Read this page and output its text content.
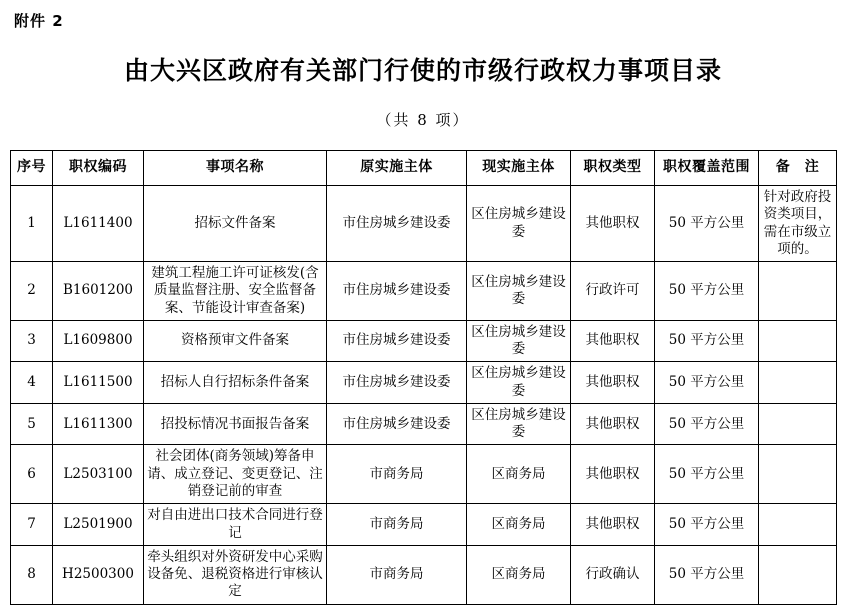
附件 2
由大兴区政府有关部门行使的市级行政权力事项目录
（共 8 项）
序号	职权编码	事项名称	原实施主体	现实施主体	职权类型	职权覆盖范围	备　注
1	L1611400	招标文件备案	市住房城乡建设委	区住房城乡建设委	其他职权	50 平方公里	针对政府投资类项目，需在市级立项的。
2	B1601200	建筑工程施工许可证核发(含质量监督注册、安全监督备案、节能设计审查备案)	市住房城乡建设委	区住房城乡建设委	行政许可	50 平方公里	
3	L1609800	资格预审文件备案	市住房城乡建设委	区住房城乡建设委	其他职权	50 平方公里	
4	L1611500	招标人自行招标条件备案	市住房城乡建设委	区住房城乡建设委	其他职权	50 平方公里	
5	L1611300	招投标情况书面报告备案	市住房城乡建设委	区住房城乡建设委	其他职权	50 平方公里	
6	L2503100	社会团体(商务领域)筹备申请、成立登记、变更登记、注销登记前的审查	市商务局	区商务局	其他职权	50 平方公里	
7	L2501900	对自由进出口技术合同进行登记	市商务局	区商务局	其他职权	50 平方公里	
8	H2500300	牵头组织对外资研发中心采购设备免、退税资格进行审核认定	市商务局	区商务局	行政确认	50 平方公里	
